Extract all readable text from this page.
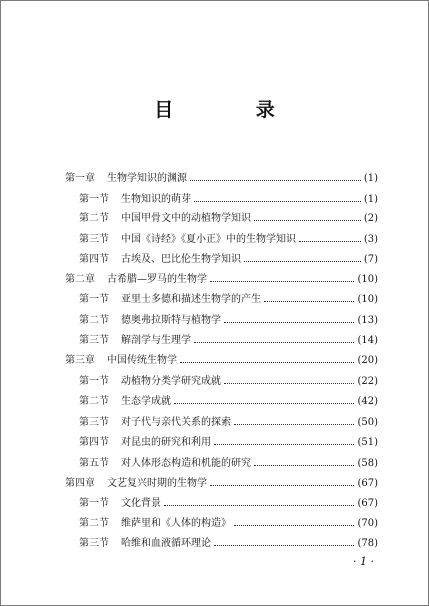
目 录
第一章	生物学知识的渊源	(1)
第一节	生物知识的萌芽	(1)
第二节	中国甲骨文中的动植物学知识	(2)
第三节	中国《诗经》《夏小正》中的生物学知识	(3)
第四节	古埃及、巴比伦生物学知识	(7)
第二章	古希腊—罗马的生物学	(10)
第一节	亚里士多德和描述生物学的产生	(10)
第二节	德奥弗拉斯特与植物学	(13)
第三节	解剖学与生理学	(14)
第三章	中国传统生物学	(20)
第一节	动植物分类学研究成就	(22)
第二节	生态学成就	(42)
第三节	对子代与亲代关系的探索	(50)
第四节	对昆虫的研究和利用	(51)
第五节	对人体形态构造和机能的研究	(58)
第四章	文艺复兴时期的生物学	(67)
第一节	文化背景	(67)
第二节	维萨里和《人体的构造》	(70)
第三节	哈维和血液循环理论	(78)
· 1 ·
